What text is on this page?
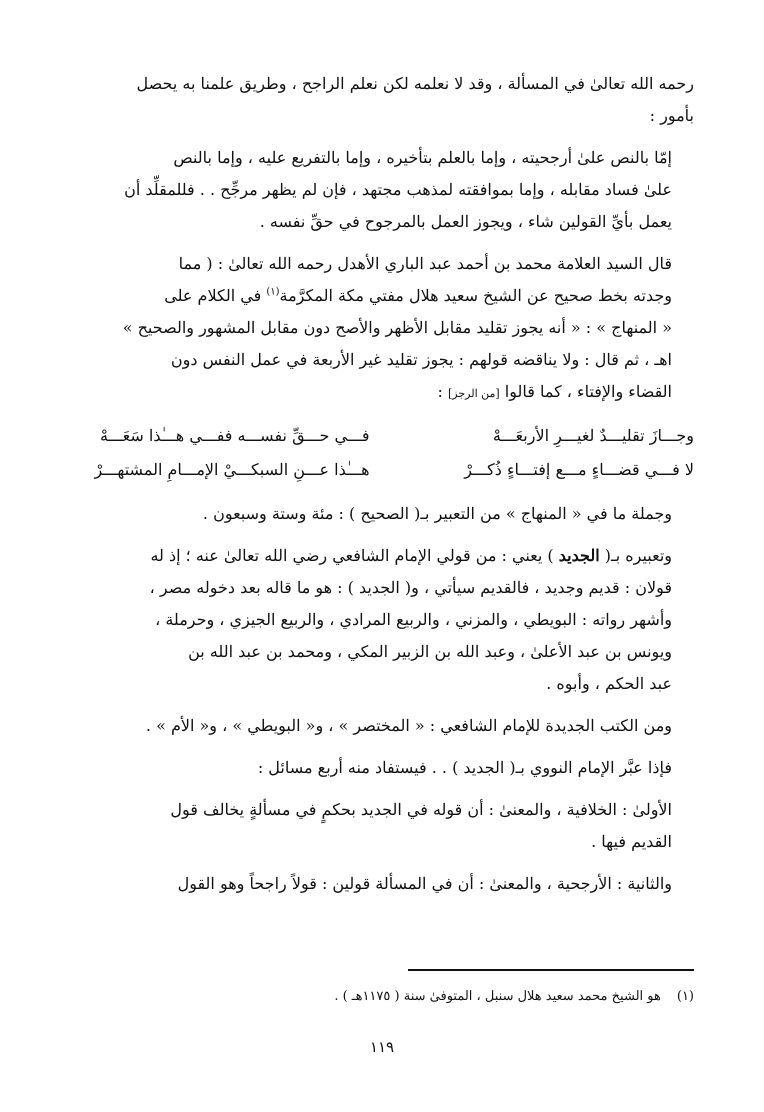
رحمه الله تعالىٰ في المسألة ، وقد لا نعلمه لكن نعلم الراجح ، وطريق علمنا به يحصل
بأمور :

إمّا بالنص علىٰ أرجحيته ، وإما بالعلم بتأخيره ، وإما بالتفريع عليه ، وإما بالنص
علىٰ فساد مقابله ، وإما بموافقته لمذهب مجتهد ، فإن لم يظهر مرجِّح . . فللمقلِّد أن
يعمل بأيِّ القولين شاء ، ويجوز العمل بالمرجوح في حقِّ نفسه .

قال السيد العلامة محمد بن أحمد عبد الباري الأهدل رحمه الله تعالىٰ : ( مما
وجدته بخط صحيح عن الشيخ سعيد هلال مفتي مكة المكرَّمة$^{(١)}$ في الكلام على
« المنهاج » : « أنه يجوز تقليد مقابل الأظهر والأصح دون مقابل المشهور والصحيح »
اهـ ، ثم قال : ولا يناقضه قولهم : يجوز تقليد غير الأربعة في عمل النفس دون
القضاء والإفتاء ، كما قالوا [من الرجز] :

وجـــازَ تقليـــدٌ لغيـــرِ الأربعَـــهْ
فـــي حـــقِّ نفســـه ففـــي هـــٰذا سَعَـــهْ
لا فـــي قضـــاءٍ مـــع إفتـــاءٍ ذُكـــرْ
هـــٰذا عـــنِ السبكـــيْ الإمـــامِ المشتهـــرْ

وجملة ما في « المنهاج » من التعبير بـ( الصحيح ) : مئة وستة وسبعون .

وتعبيره بـ( الجديد ) يعني : من قولي الإمام الشافعي رضي الله تعالىٰ عنه ؛ إذ له
قولان : قديم وجديد ، فالقديم سيأتي ، و( الجديد ) : هو ما قاله بعد دخوله مصر ،
وأشهر رواته : البويطي ، والمزني ، والربيع المرادي ، والربيع الجيزي ، وحرملة ،
ويونس بن عبد الأعلىٰ ، وعبد الله بن الزبير المكي ، ومحمد بن عبد الله بن
عبد الحكم ، وأبوه .

ومن الكتب الجديدة للإمام الشافعي : « المختصر » ، و« البويطي » ، و« الأم » .

فإذا عبَّر الإمام النووي بـ( الجديد ) . . فيستفاد منه أربع مسائل :

الأولىٰ : الخلافية ، والمعنىٰ : أن قوله في الجديد بحكمٍ في مسألةٍ يخالف قول
القديم فيها .

والثانية : الأرجحية ، والمعنىٰ : أن في المسألة قولين : قولاً راجحاً وهو القول

(١)هو الشيخ محمد سعيد هلال سنبل ، المتوفىٰ سنة ( ١١٧٥هـ ) .
١١٩
